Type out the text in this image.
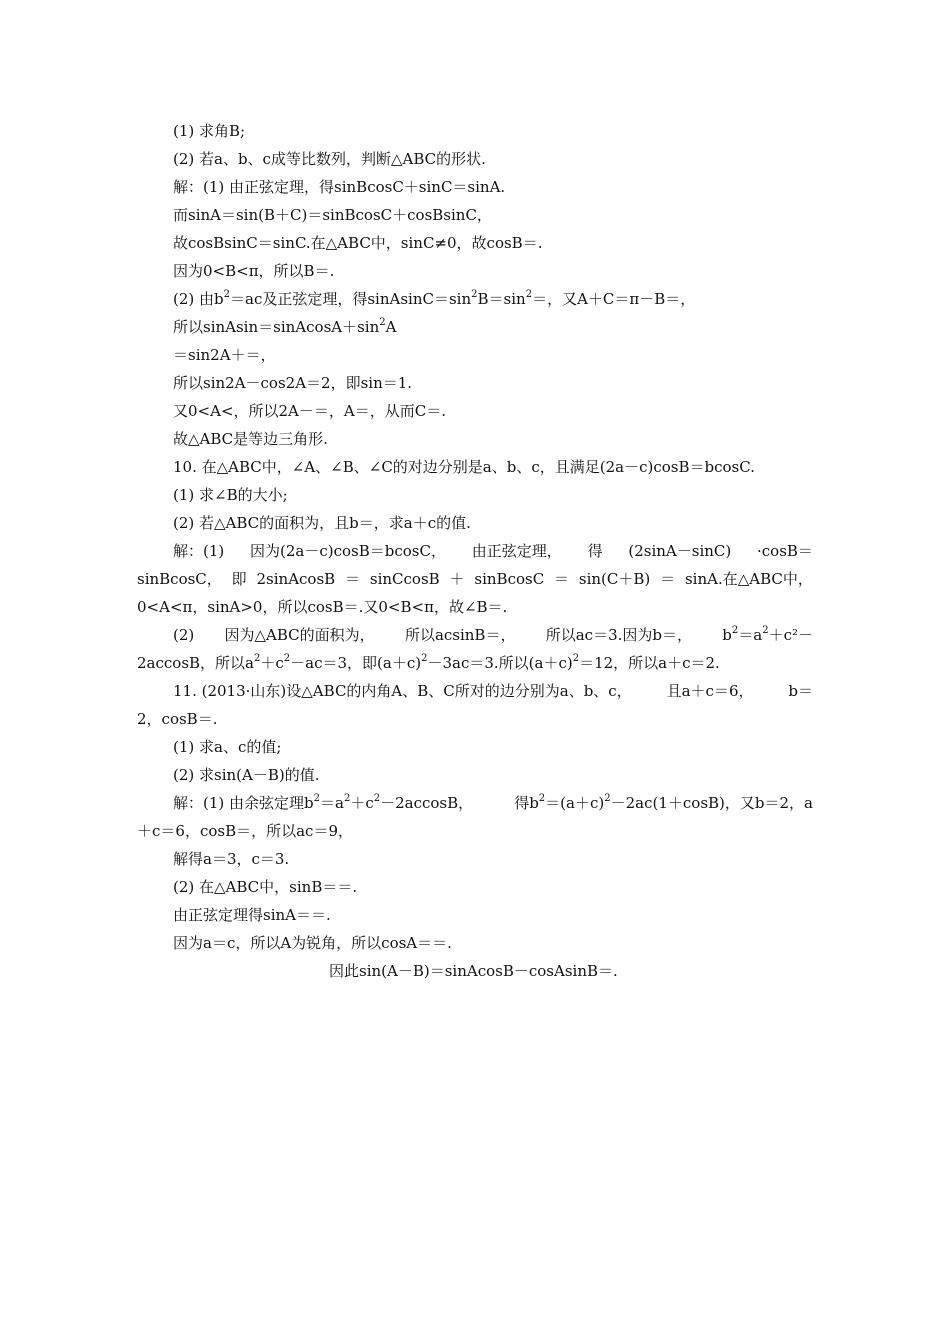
(1) 求角B;
(2) 若a、b、c成等比数列，判断△ABC的形状.
解：(1) 由正弦定理，得sinBcosC＋sinC＝sinA.
而sinA＝sin(B＋C)＝sinBcosC＋cosBsinC，
故cosBsinC＝sinC.在△ABC中，sinC≠0，故cosB＝.
因为0<B<π，所以B＝.
(2) 由$b^2=ac$及正弦定理，得$sinAsinC=\sin^2B=\sin^2=$，又A＋C＝π－B＝，
所以$sinAsin=sinAcosA+\sin^2A$
＝sin2A＋＝，
所以sin2A－cos2A＝2，即sin＝1.
又0<A<，所以2A－＝，A＝，从而C＝.
故△ABC是等边三角形.
10. 在△ABC中，∠A、∠B、∠C的对边分别是a、b、c，且满足(2a－c)cosB＝bcosC.
(1) 求∠B的大小;
(2) 若△ABC的面积为，且b＝，求a＋c的值.
解：(1) 因为(2a－c)cosB＝bcosC， 由正弦定理， 得 (2sinA－sinC) ·cosB＝
sinBcosC， 即 2sinAcosB ＝ sinCcosB ＋ sinBcosC ＝ sin(C＋B) ＝ sinA.在△ABC中，
0<A<π，sinA>0，所以cosB＝.又0<B<π，故∠B＝.
(2) 因为△ABC的面积为， 所以acsinB＝， 所以ac＝3.因为b＝， $b^2=a^2+c^2-$
2accosB，所以$a^2+c^2-ac=3$，即$(a+c)^2-3ac=3$.所以$(a+c)^2=12$，所以a＋c＝2.
11. (2013·山东)设△ABC的内角A、B、C所对的边分别为a、b、c， 且a＋c＝6， b＝
2，cosB＝.
(1) 求a、c的值;
(2) 求sin(A－B)的值.
解：(1) 由余弦定理$b^2=a^2+c^2-2accosB$，	得$b^2=(a+c)^2-2ac(1+\cos B)$，又b＝2，a
＋c＝6，cosB＝，所以ac＝9，
解得a＝3，c＝3.
(2) 在△ABC中，sinB＝＝.
由正弦定理得sinA＝＝.
因为a＝c，所以A为锐角，所以cosA＝＝.
因此sin(A－B)＝sinAcosB－cosAsinB＝.
